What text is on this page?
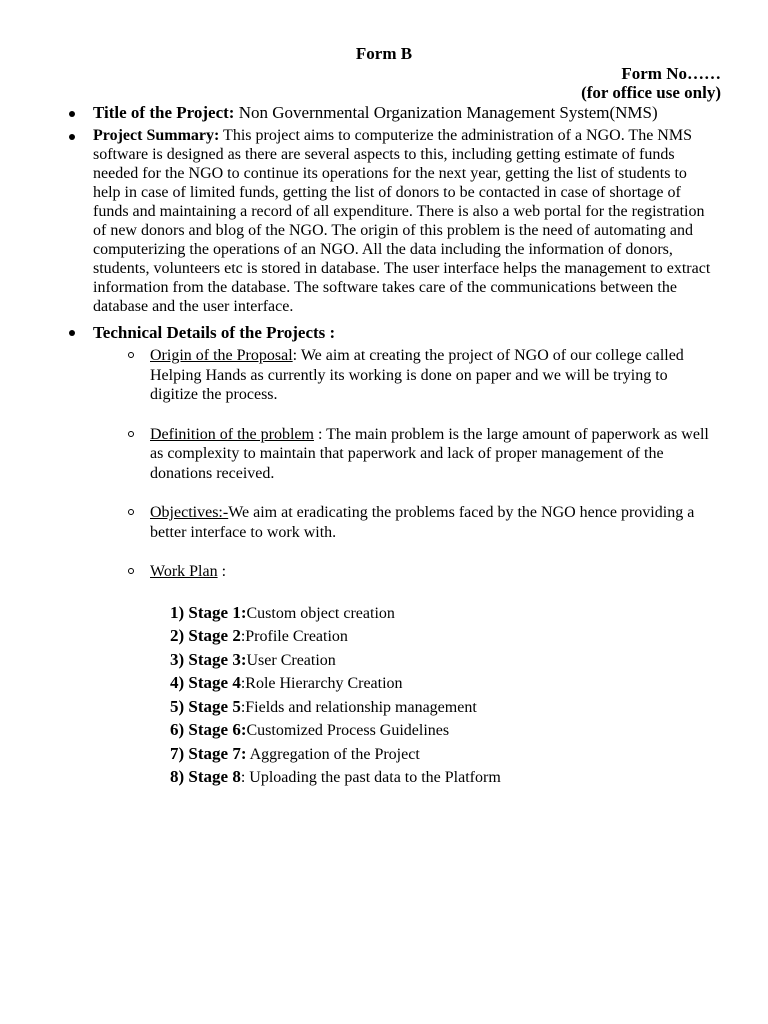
Form B
Form No……
(for office use only)
Title of the Project: Non Governmental Organization Management System(NMS)
Project Summary: This project aims to computerize the administration of a NGO. The NMS software is designed as there are several aspects to this, including getting estimate of funds needed for the NGO to continue its operations for the next year, getting the list of students to help in case of limited funds, getting the list of donors to be contacted in case of shortage of funds and maintaining a record of all expenditure. There is also a web portal for the registration of new donors and blog of the NGO. The origin of this problem is the need of automating and computerizing the operations of an NGO. All the data including the information of donors, students, volunteers etc is stored in database. The user interface helps the management to extract information from the database. The software takes care of the communications between the database and the user interface.
Technical Details of the Projects :
Origin of the Proposal: We aim at creating the project of NGO of our college called Helping Hands as currently its working is done on paper and we will be trying to digitize the process.
Definition of the problem : The main problem is the large amount of paperwork as well as complexity to maintain that paperwork and lack of proper management of the donations received.
Objectives:-We aim at eradicating the problems faced by the NGO hence providing a better interface to work with.
Work Plan :
1) Stage 1:Custom object creation
2) Stage 2:Profile Creation
3) Stage 3:User Creation
4) Stage 4:Role Hierarchy Creation
5) Stage 5:Fields and relationship management
6) Stage 6:Customized Process Guidelines
7) Stage 7: Aggregation of the Project
8) Stage 8: Uploading the past data to the Platform
